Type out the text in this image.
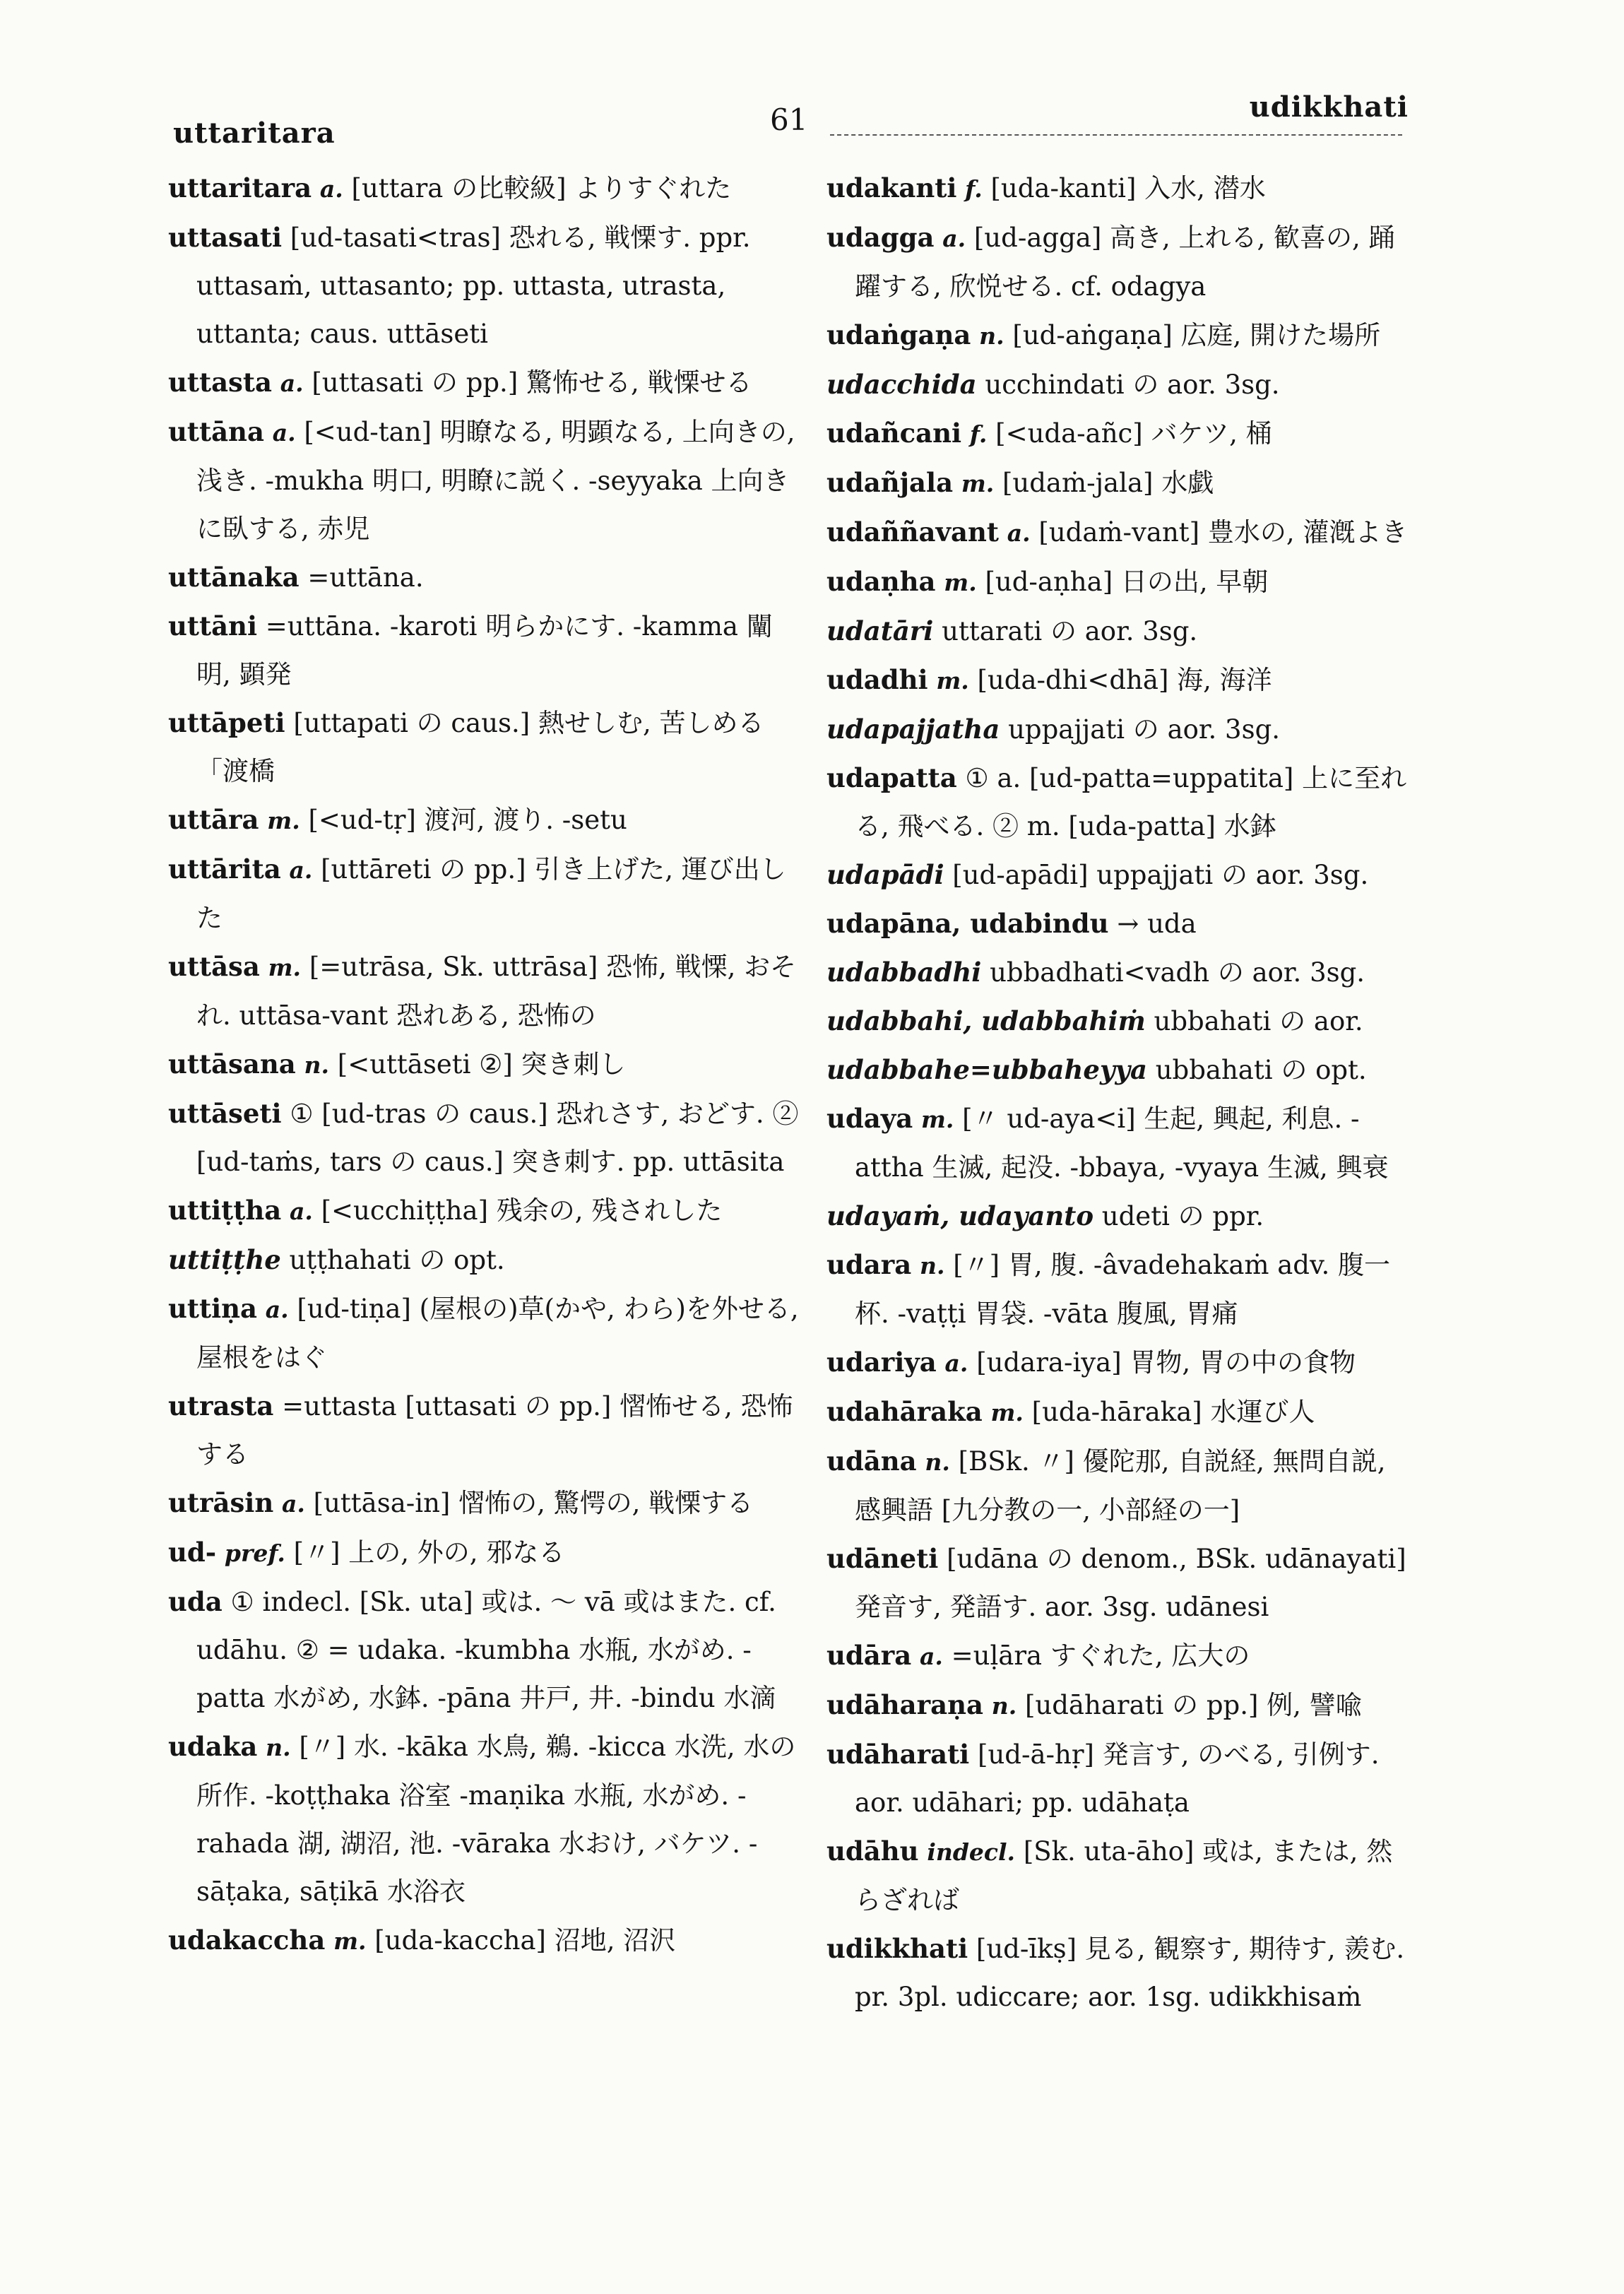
uttaritara	61	udikkhati

uttaritara a. [uttara の比較級] よりすぐれた

uttasati [ud-tasati<tras] 恐れる, 戦慄す. ppr. uttasaṁ, uttasanto; pp. uttasta, utrasta, uttanta; caus. uttāseti

uttasta a. [uttasati の pp.] 驚怖せる, 戦慄せる

uttāna a. [<ud-tan] 明瞭なる, 明顕なる, 上向きの, 浅き. -mukha 明口, 明瞭に説く. -seyyaka 上向きに臥する, 赤児

uttānaka =uttāna.

uttāni =uttāna. -karoti 明らかにす. -kamma 闡明, 顕発

uttāpeti [uttapati の caus.] 熱せしむ, 苦しめる 「渡橋

uttāra m. [<ud-tṛ] 渡河, 渡り. -setu

uttārita a. [uttāreti の pp.] 引き上げた, 運び出した

uttāsa m. [=utrāsa, Sk. uttrāsa] 恐怖, 戦慄, おそれ. uttāsa-vant 恐れある, 恐怖の

uttāsana n. [<uttāseti ②] 突き刺し

uttāseti ① [ud-tras の caus.] 恐れさす, おどす. ② [ud-taṁs, tars の caus.] 突き刺す. pp. uttāsita

uttiṭṭha a. [<ucchiṭṭha] 残余の, 残されした

uttiṭṭhe uṭṭhahati の opt.

uttiṇa a. [ud-tiṇa] (屋根の)草(かや, わら)を外せる, 屋根をはぐ

utrasta =uttasta [uttasati の pp.] 慴怖せる, 恐怖する

utrāsin a. [uttāsa-in] 慴怖の, 驚愕の, 戦慄する

ud- pref. [〃] 上の, 外の, 邪なる

uda ① indecl. [Sk. uta] 或は. ～ vā 或はまた. cf. udāhu. ② = udaka. -kumbha 水瓶, 水がめ. -patta 水がめ, 水鉢. -pāna 井戸, 井. -bindu 水滴

udaka n. [〃] 水. -kāka 水鳥, 鵜. -kicca 水洗, 水の所作. -koṭṭhaka 浴室 -maṇika 水瓶, 水がめ. -rahada 湖, 湖沼, 池. -vāraka 水おけ, バケツ. -sāṭaka, sāṭikā 水浴衣

udakaccha m. [uda-kaccha] 沼地, 沼沢

udakanti f. [uda-kanti] 入水, 潜水

udagga a. [ud-agga] 高き, 上れる, 歓喜の, 踊躍する, 欣悦せる. cf. odagya

udaṅgaṇa n. [ud-aṅgaṇa] 広庭, 開けた場所

udacchida ucchindati の aor. 3sg.

udañcani f. [<uda-añc] バケツ, 桶

udañjala m. [udaṁ-jala] 水戯

udaññavant a. [udaṁ-vant] 豊水の, 灌漑よき

udaṇha m. [ud-aṇha] 日の出, 早朝

udatāri uttarati の aor. 3sg.

udadhi m. [uda-dhi<dhā] 海, 海洋

udapajjatha uppajjati の aor. 3sg.

udapatta ① a. [ud-patta=uppatita] 上に至れる, 飛べる. ② m. [uda-patta] 水鉢

udapādi [ud-apādi] uppajjati の aor. 3sg.

udapāna, udabindu → uda

udabbadhi ubbadhati<vadh の aor. 3sg.

udabbahi, udabbahiṁ ubbahati の aor.

udabbahe=ubbaheyya ubbahati の opt.

udaya m. [〃 ud-aya<i] 生起, 興起, 利息. -attha 生滅, 起没. -bbaya, -vyaya 生滅, 興衰

udayaṁ, udayanto udeti の ppr.

udara n. [〃] 胃, 腹. -âvadehakaṁ adv. 腹一杯. -vaṭṭi 胃袋. -vāta 腹風, 胃痛

udariya a. [udara-iya] 胃物, 胃の中の食物

udahāraka m. [uda-hāraka] 水運び人

udāna n. [BSk. 〃] 優陀那, 自説経, 無問自説, 感興語 [九分教の一, 小部経の一]

udāneti [udāna の denom., BSk. udānayati] 発音す, 発語す. aor. 3sg. udānesi

udāra a. =uḷāra すぐれた, 広大の

udāharaṇa n. [udāharati の pp.] 例, 譬喩

udāharati [ud-ā-hṛ] 発言す, のべる, 引例す. aor. udāhari; pp. udāhaṭa

udāhu indecl. [Sk. uta-āho] 或は, または, 然らざれば

udikkhati [ud-īkṣ] 見る, 観察す, 期待す, 羨む. pr. 3pl. udiccare; aor. 1sg. udikkhisaṁ
